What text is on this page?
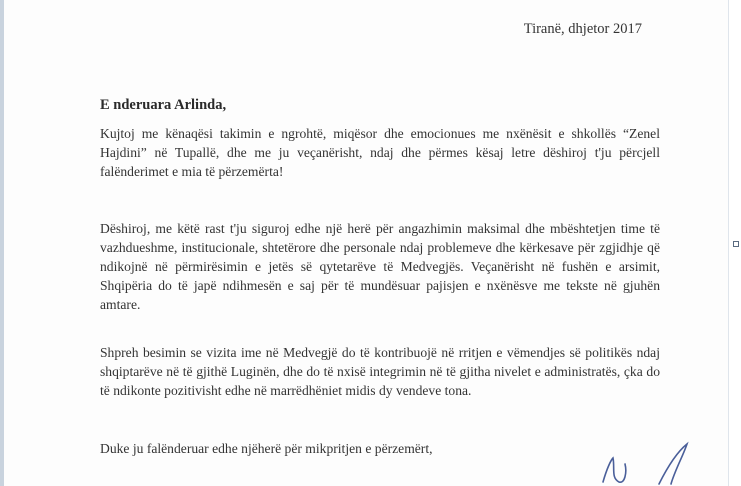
Tiranë, dhjetor 2017
E nderuara Arlinda,
Kujtoj me kënaqësi takimin e ngrohtë, miqësor dhe emocionues me nxënësit e shkollës “Zenel Hajdini” në Tupallë, dhe me ju veçanërisht, ndaj dhe përmes kësaj letre dëshiroj t'ju përcjell falënderimet e mia të përzemërta!
Dëshiroj, me këtë rast t'ju siguroj edhe një herë për angazhimin maksimal dhe mbështetjen time të vazhdueshme, institucionale, shtetërore dhe personale ndaj problemeve dhe kërkesave për zgjidhje që ndikojnë në përmirësimin e jetës së qytetarëve të Medvegjës. Veçanërisht në fushën e arsimit, Shqipëria do të japë ndihmesën e saj për të mundësuar pajisjen e nxënësve me tekste në gjuhën amtare.
Shpreh besimin se vizita ime në Medvegjë do të kontribuojë në rritjen e vëmendjes së politikës ndaj shqiptarëve në të gjithë Luginën, dhe do të nxisë integrimin në të gjitha nivelet e administratës, çka do të ndikonte pozitivisht edhe në marrëdhëniet midis dy vendeve tona.
Duke ju falënderuar edhe njëherë për mikpritjen e përzemërt,
